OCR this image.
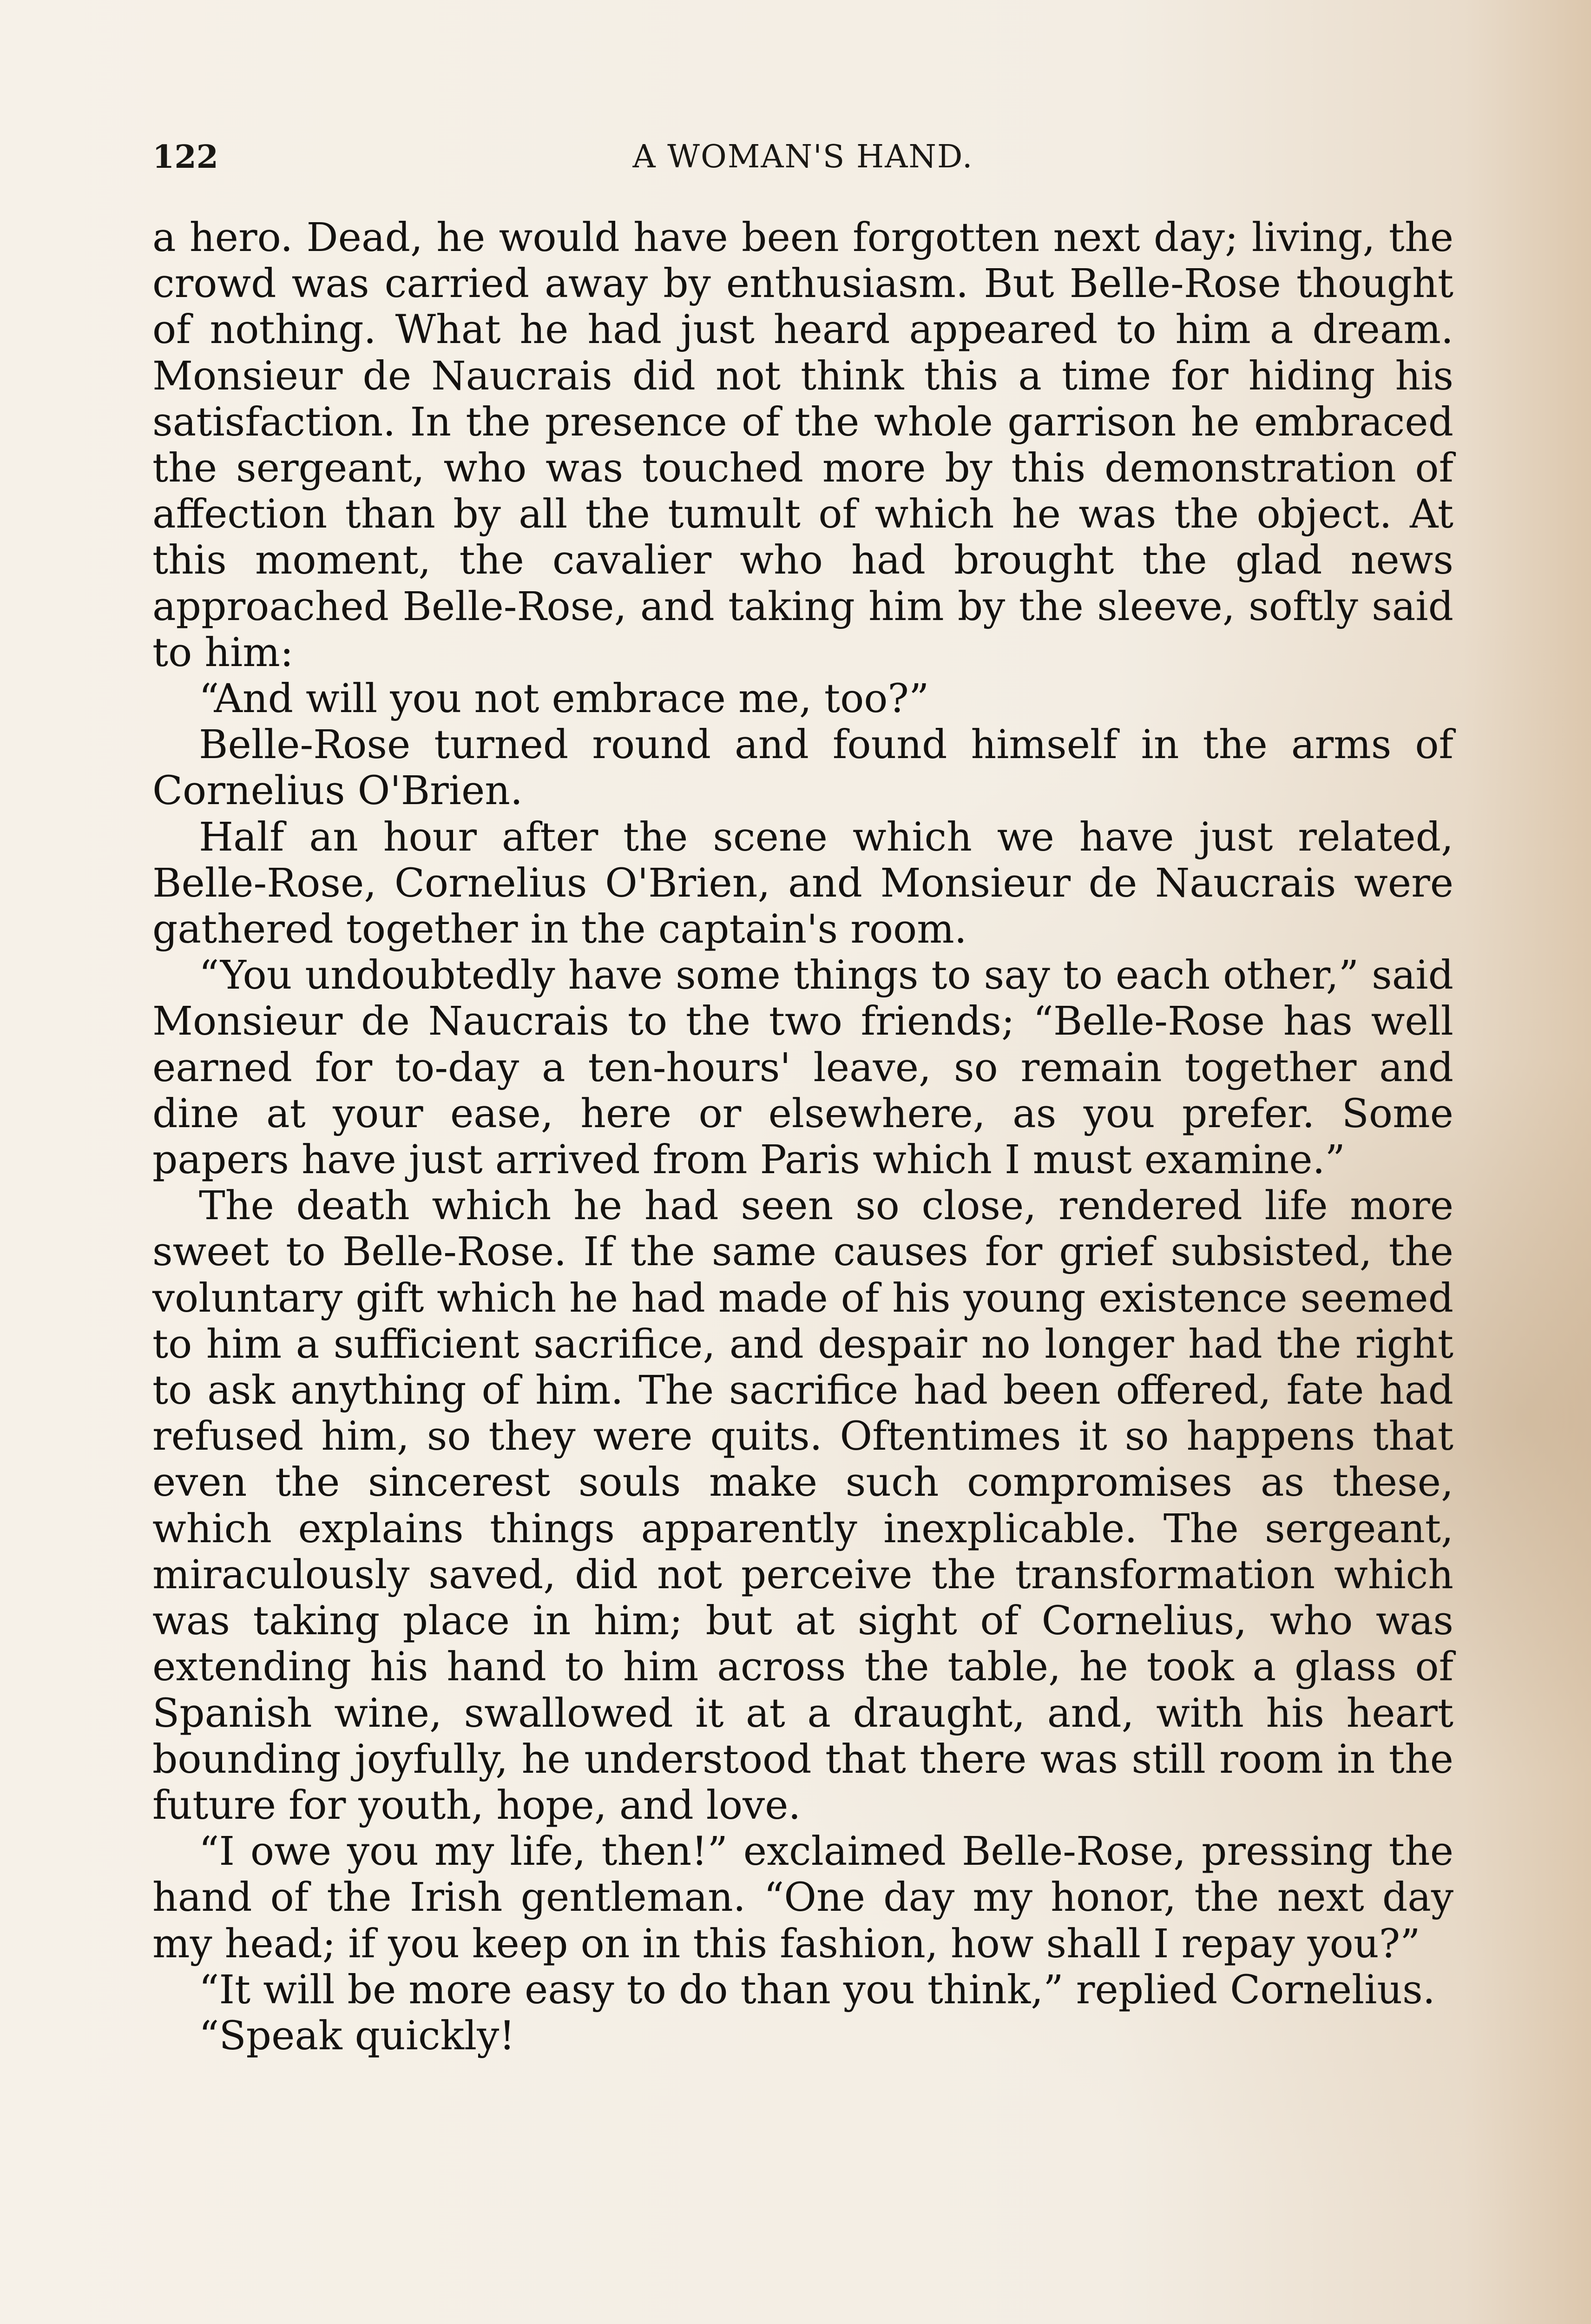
122	A WOMAN'S HAND.

a hero. Dead, he would have been forgotten next day; living, the crowd was carried away by enthusiasm. But Belle-Rose thought of nothing. What he had just heard appeared to him a dream. Monsieur de Naucrais did not think this a time for hiding his satisfaction. In the presence of the whole garrison he embraced the sergeant, who was touched more by this demonstration of affection than by all the tumult of which he was the object. At this moment, the cavalier who had brought the glad news approached Belle-Rose, and taking him by the sleeve, softly said to him:

“And will you not embrace me, too?”

Belle-Rose turned round and found himself in the arms of Cornelius O'Brien.

Half an hour after the scene which we have just related, Belle-Rose, Cornelius O'Brien, and Monsieur de Naucrais were gathered together in the captain's room.

“You undoubtedly have some things to say to each other,” said Monsieur de Naucrais to the two friends; “Belle-Rose has well earned for to-day a ten-hours' leave, so remain together and dine at your ease, here or elsewhere, as you prefer. Some papers have just arrived from Paris which I must examine.”

The death which he had seen so close, rendered life more sweet to Belle-Rose. If the same causes for grief subsisted, the voluntary gift which he had made of his young existence seemed to him a sufficient sacrifice, and despair no longer had the right to ask anything of him. The sacrifice had been offered, fate had refused him, so they were quits. Oftentimes it so happens that even the sincerest souls make such compromises as these, which explains things apparently inexplicable. The sergeant, miraculously saved, did not perceive the transformation which was taking place in him; but at sight of Cornelius, who was extending his hand to him across the table, he took a glass of Spanish wine, swallowed it at a draught, and, with his heart bounding joyfully, he understood that there was still room in the future for youth, hope, and love.

“I owe you my life, then!” exclaimed Belle-Rose, pressing the hand of the Irish gentleman. “One day my honor, the next day my head; if you keep on in this fashion, how shall I repay you?”

“It will be more easy to do than you think,” replied Cornelius.

“Speak quickly!
